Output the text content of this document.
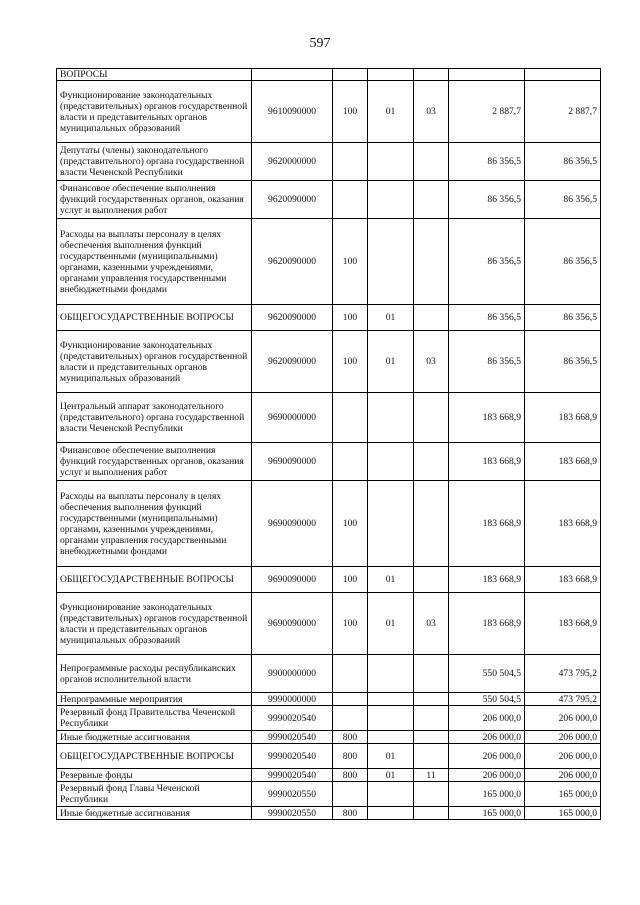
597
ВОПРОСЫ						
Функционирование законодательных (представительных) органов государственной власти и представительных органов муниципальных образований	9610090000	100	01	03	2 887,7	2 887,7
Депутаты (члены) законодательного (представительного) органа государственной власти Чеченской Республики	9620000000				86 356,5	86 356,5
Финансовое обеспечение выполнения функций государственных органов, оказания услуг и выполнения работ	9620090000				86 356,5	86 356,5
Расходы на выплаты персоналу в целях обеспечения выполнения функций государственными (муниципальными) органами, казенными учреждениями, органами управления государственными внебюджетными фондами	9620090000	100			86 356,5	86 356,5
ОБЩЕГОСУДАРСТВЕННЫЕ ВОПРОСЫ	9620090000	100	01		86 356,5	86 356,5
Функционирование законодательных (представительных) органов государственной власти и представительных органов муниципальных образований	9620090000	100	01	03	86 356,5	86 356,5
Центральный аппарат законодательного (представительного) органа государственной власти Чеченской Республики	9690000000				183 668,9	183 668,9
Финансовое обеспечение выполнения функций государственных органов, оказания услуг и выполнения работ	9690090000				183 668,9	183 668,9
Расходы на выплаты персоналу в целях обеспечения выполнения функций государственными (муниципальными) органами, казенными учреждениями, органами управления государственными внебюджетными фондами	9690090000	100			183 668,9	183 668,9
ОБЩЕГОСУДАРСТВЕННЫЕ ВОПРОСЫ	9690090000	100	01		183 668,9	183 668,9
Функционирование законодательных (представительных) органов государственной власти и представительных органов муниципальных образований	9690090000	100	01	03	183 668,9	183 668,9
Непрограммные расходы республиканских органов исполнительной власти	9900000000				550 504,5	473 795,2
Непрограммные мероприятия	9990000000				550 504,5	473 795,2
Резервный фонд Правительства Чеченской Республики	9990020540				206 000,0	206 000,0
Иные бюджетные ассигнования	9990020540	800			206 000,0	206 000,0
ОБЩЕГОСУДАРСТВЕННЫЕ ВОПРОСЫ	9990020540	800	01		206 000,0	206 000,0
Резервные фонды	9990020540	800	01	11	206 000,0	206 000,0
Резервный фонд Главы Чеченской Республики	9990020550				165 000,0	165 000,0
Иные бюджетные ассигнования	9990020550	800			165 000,0	165 000,0
